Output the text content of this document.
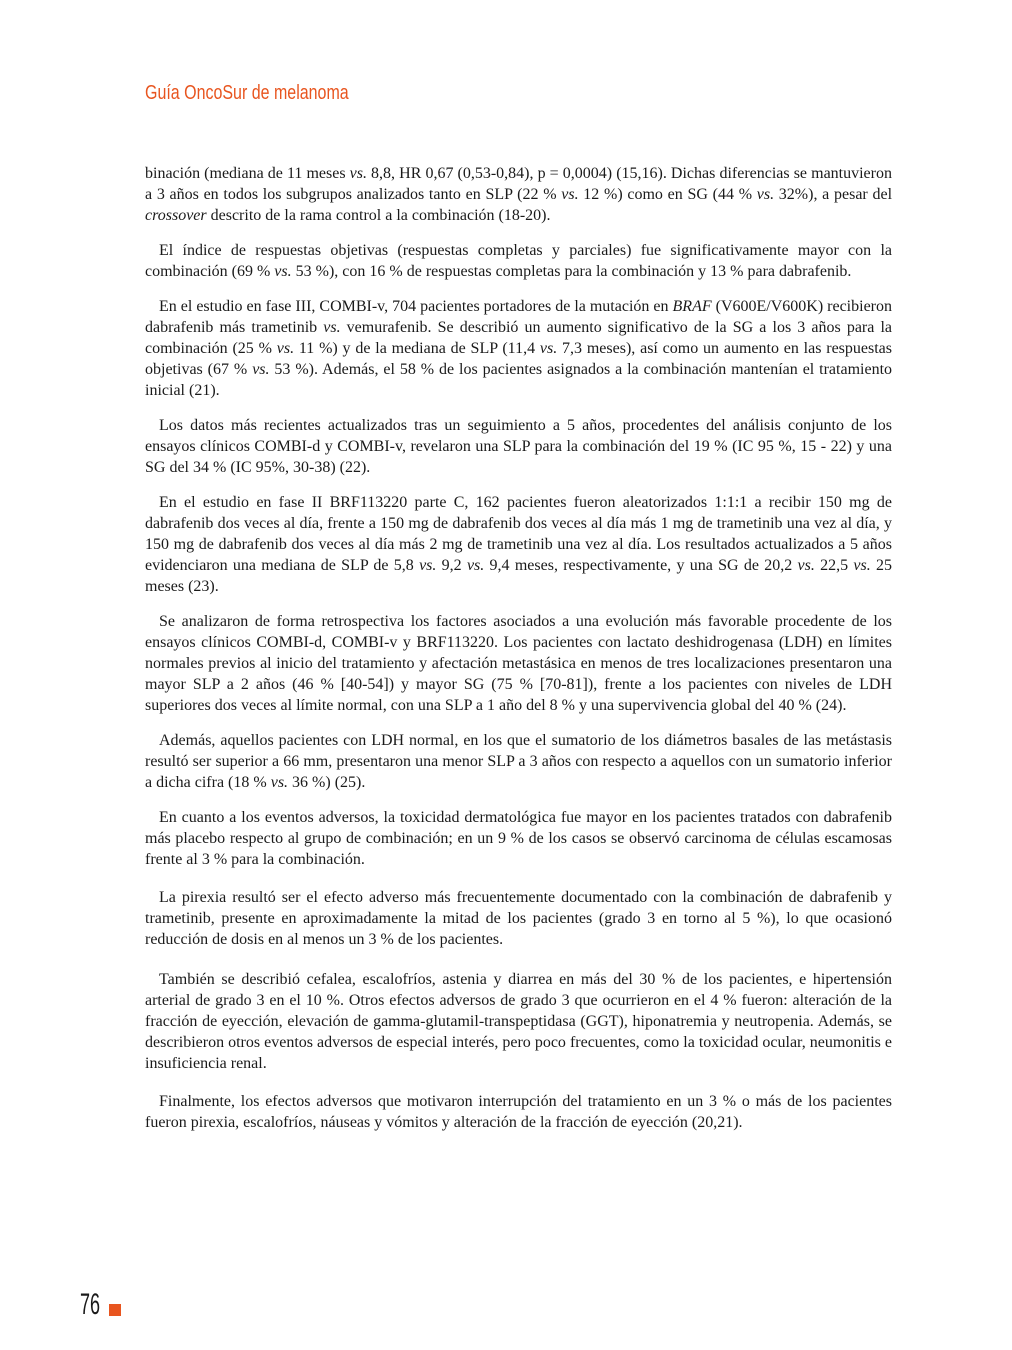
Guía OncoSur de melanoma

binación (mediana de 11 meses vs. 8,8, HR 0,67 (0,53-0,84), p = 0,0004) (15,16). Dichas diferencias se mantuvieron a 3 años en todos los subgrupos analizados tanto en SLP (22 % vs. 12 %) como en SG (44 % vs. 32%), a pesar del crossover descrito de la rama control a la combinación (18-20).

El índice de respuestas objetivas (respuestas completas y parciales) fue significativamente mayor con la combinación (69 % vs. 53 %), con 16 % de respuestas completas para la combinación y 13 % para dabrafenib.

En el estudio en fase III, COMBI-v, 704 pacientes portadores de la mutación en BRAF (V600E/V600K) recibieron dabrafenib más trametinib vs. vemurafenib. Se describió un aumento significativo de la SG a los 3 años para la combinación (25 % vs. 11 %) y de la mediana de SLP (11,4 vs. 7,3 meses), así como un aumento en las respuestas objetivas (67 % vs. 53 %). Además, el 58 % de los pacientes asignados a la combinación mantenían el tratamiento inicial (21).

Los datos más recientes actualizados tras un seguimiento a 5 años, procedentes del análisis conjunto de los ensayos clínicos COMBI-d y COMBI-v, revelaron una SLP para la combinación del 19 % (IC 95 %, 15 - 22) y una SG del 34 % (IC 95%, 30-38) (22).

En el estudio en fase II BRF113220 parte C, 162 pacientes fueron aleatorizados 1:1:1 a recibir 150 mg de dabrafenib dos veces al día, frente a 150 mg de dabrafenib dos veces al día más 1 mg de trametinib una vez al día, y 150 mg de dabrafenib dos veces al día más 2 mg de trametinib una vez al día. Los resultados actualizados a 5 años evidenciaron una mediana de SLP de 5,8 vs. 9,2 vs. 9,4 meses, respectivamente, y una SG de 20,2 vs. 22,5 vs. 25 meses (23).

Se analizaron de forma retrospectiva los factores asociados a una evolución más favorable procedente de los ensayos clínicos COMBI-d, COMBI-v y BRF113220. Los pacientes con lactato deshidrogenasa (LDH) en límites normales previos al inicio del tratamiento y afectación metastásica en menos de tres localizaciones presentaron una mayor SLP a 2 años (46 % [40-54]) y mayor SG (75 % [70-81]), frente a los pacientes con niveles de LDH superiores dos veces al límite normal, con una SLP a 1 año del 8 % y una supervivencia global del 40 % (24).

Además, aquellos pacientes con LDH normal, en los que el sumatorio de los diámetros basales de las metástasis resultó ser superior a 66 mm, presentaron una menor SLP a 3 años con respecto a aquellos con un sumatorio inferior a dicha cifra (18 % vs. 36 %) (25).

En cuanto a los eventos adversos, la toxicidad dermatológica fue mayor en los pacientes tratados con dabrafenib más placebo respecto al grupo de combinación; en un 9 % de los casos se observó carcinoma de células escamosas frente al 3 % para la combinación.

La pirexia resultó ser el efecto adverso más frecuentemente documentado con la combinación de dabrafenib y trametinib, presente en aproximadamente la mitad de los pacientes (grado 3 en torno al 5 %), lo que ocasionó reducción de dosis en al menos un 3 % de los pacientes.

También se describió cefalea, escalofríos, astenia y diarrea en más del 30 % de los pacientes, e hipertensión arterial de grado 3 en el 10 %. Otros efectos adversos de grado 3 que ocurrieron en el 4 % fueron: alteración de la fracción de eyección, elevación de gamma-glutamil-transpeptidasa (GGT), hiponatremia y neutropenia. Además, se describieron otros eventos adversos de especial interés, pero poco frecuentes, como la toxicidad ocular, neumonitis e insuficiencia renal.

Finalmente, los efectos adversos que motivaron interrupción del tratamiento en un 3 % o más de los pacientes fueron pirexia, escalofríos, náuseas y vómitos y alteración de la fracción de eyección (20,21).

76
